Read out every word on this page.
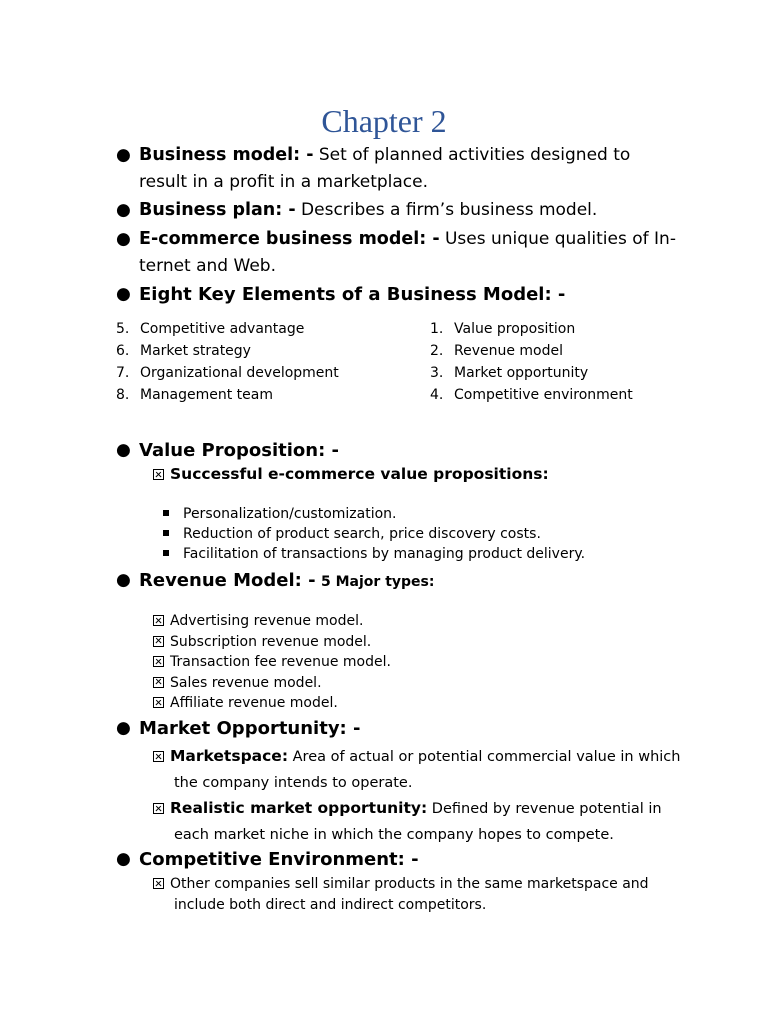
Chapter 2
● Business model: - Set of planned activities designed to result in a profit in a marketplace.
● Business plan: - Describes a firm’s business model.
● E-commerce business model: - Uses unique qualities of In-ternet and Web.
● Eight Key Elements of a Business Model: -
5. Competitive advantage
6. Market strategy
7. Organizational development
8. Management team
1. Value proposition
2. Revenue model
3. Market opportunity
4. Competitive environment
● Value Proposition: -
Successful e-commerce value propositions:
Personalization/customization.
Reduction of product search, price discovery costs.
Facilitation of transactions by managing product delivery.
● Revenue Model: - 5 Major types:
Advertising revenue model.
Subscription revenue model.
Transaction fee revenue model.
Sales revenue model.
Affiliate revenue model.
● Market Opportunity: -
Marketspace: Area of actual or potential commercial value in which the company intends to operate.
Realistic market opportunity: Defined by revenue potential in each market niche in which the company hopes to compete.
● Competitive Environment: -
Other companies sell similar products in the same marketspace and include both direct and indirect competitors.
